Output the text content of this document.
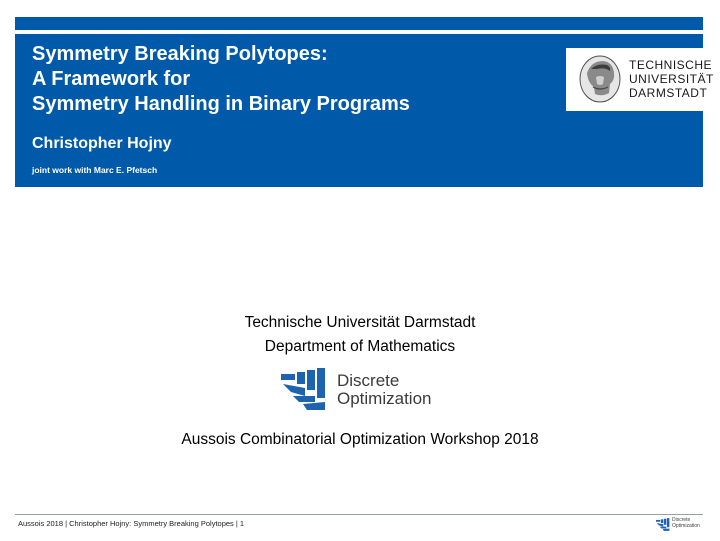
Symmetry Breaking Polytopes:
A Framework for
Symmetry Handling in Binary Programs
Christopher Hojny
joint work with Marc E. Pfetsch
TECHNISCHE
UNIVERSITÄT
DARMSTADT
Technische Universität Darmstadt
Department of Mathematics
Discrete
Optimization
Aussois Combinatorial Optimization Workshop 2018
Aussois 2018 | Christopher Hojny: Symmetry Breaking Polytopes | 1	Discrete
Optimization
